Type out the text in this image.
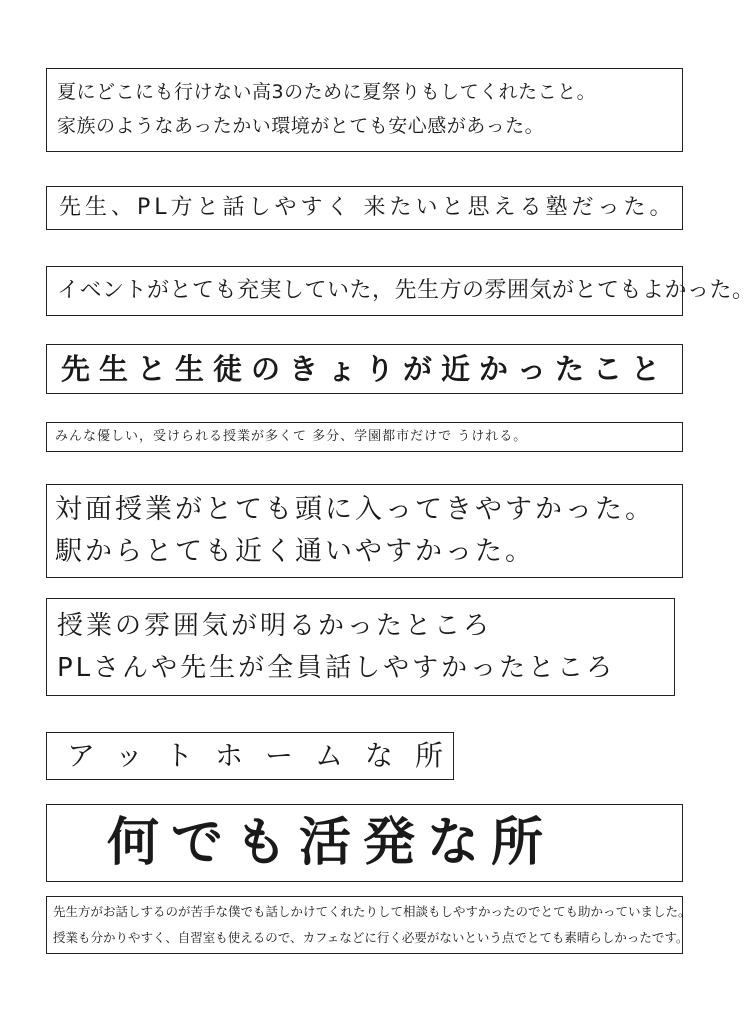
夏にどこにも行けない高3のために夏祭りもしてくれたこと。
家族のようなあったかい環境がとても安心感があった。
先生、PL方と話しやすく 来たいと思える塾だった。
イベントがとても充実していた，先生方の雰囲気がとてもよかった。
先生と生徒のきょりが近かったこと
みんな優しい，受けられる授業が多くて 多分、学園都市だけで うけれる。
対面授業がとても頭に入ってきやすかった。
駅からとても近く通いやすかった。
授業の雰囲気が明るかったところ
PLさんや先生が全員話しやすかったところ
アットホームな所
何でも活発な所
先生方がお話しするのが苦手な僕でも話しかけてくれたりして相談もしやすかったのでとても助かっていました。
授業も分かりやすく、自習室も使えるので、カフェなどに行く必要がないという点でとても素晴らしかったです。
